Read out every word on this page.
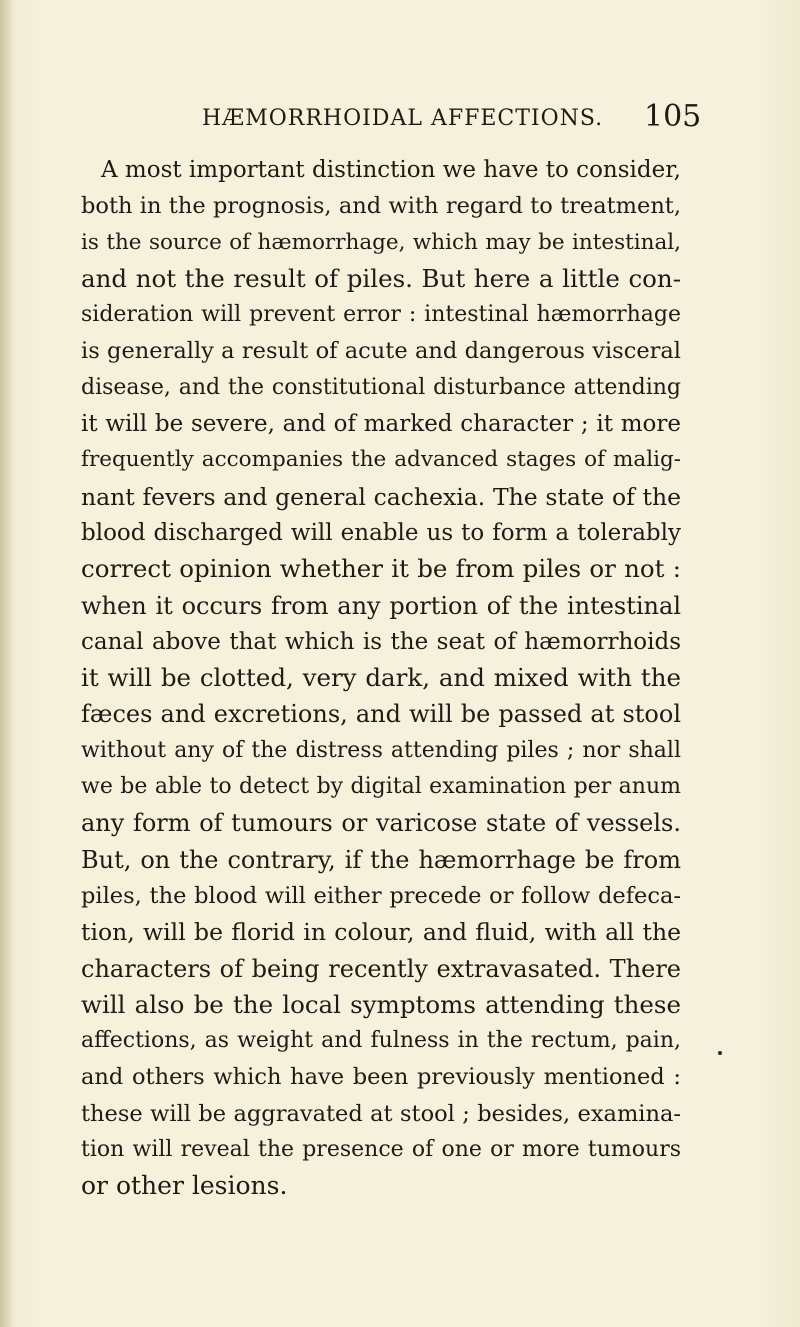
HÆMORRHOIDAL AFFECTIONS. 105
A most important distinction we have to consider,
both in the prognosis, and with regard to treatment,
is the source of hæmorrhage, which may be intestinal,
and not the result of piles. But here a little con-
sideration will prevent error : intestinal hæmorrhage
is generally a result of acute and dangerous visceral
disease, and the constitutional disturbance attending
it will be severe, and of marked character ; it more
frequently accompanies the advanced stages of malig-
nant fevers and general cachexia. The state of the
blood discharged will enable us to form a tolerably
correct opinion whether it be from piles or not :
when it occurs from any portion of the intestinal
canal above that which is the seat of hæmorrhoids
it will be clotted, very dark, and mixed with the
fæces and excretions, and will be passed at stool
without any of the distress attending piles ; nor shall
we be able to detect by digital examination per anum
any form of tumours or varicose state of vessels.
But, on the contrary, if the hæmorrhage be from
piles, the blood will either precede or follow defeca-
tion, will be florid in colour, and fluid, with all the
characters of being recently extravasated. There
will also be the local symptoms attending these
affections, as weight and fulness in the rectum, pain,
and others which have been previously mentioned :
these will be aggravated at stool ; besides, examina-
tion will reveal the presence of one or more tumours
or other lesions.
